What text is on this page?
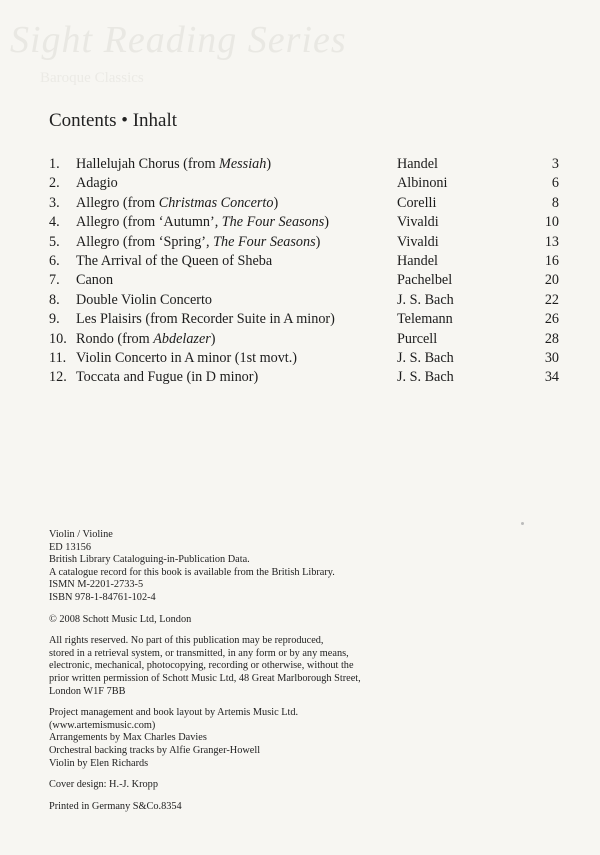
Sight Reading Series
Baroque Classics
Contents • Inhalt
1.	Hallelujah Chorus (from Messiah)	Handel	3
2.	Adagio	Albinoni	6
3.	Allegro (from Christmas Concerto)	Corelli	8
4.	Allegro (from ‘Autumn’, The Four Seasons)	Vivaldi	10
5.	Allegro (from ‘Spring’, The Four Seasons)	Vivaldi	13
6.	The Arrival of the Queen of Sheba	Handel	16
7.	Canon	Pachelbel	20
8.	Double Violin Concerto	J. S. Bach	22
9.	Les Plaisirs (from Recorder Suite in A minor)	Telemann	26
10. Rondo (from Abdelazer)	Purcell	28
11. Violin Concerto in A minor (1st movt.)	J. S. Bach	30
12. Toccata and Fugue (in D minor)	J. S. Bach	34

Violin / Violine
ED 13156
British Library Cataloguing-in-Publication Data.
A catalogue record for this book is available from the British Library.
ISMN M-2201-2733-5
ISBN 978-1-84761-102-4

© 2008 Schott Music Ltd, London

All rights reserved. No part of this publication may be reproduced,
stored in a retrieval system, or transmitted, in any form or by any means,
electronic, mechanical, photocopying, recording or otherwise, without the
prior written permission of Schott Music Ltd, 48 Great Marlborough Street,
London W1F 7BB

Project management and book layout by Artemis Music Ltd.
(www.artemismusic.com)
Arrangements by Max Charles Davies
Orchestral backing tracks by Alfie Granger-Howell
Violin by Elen Richards

Cover design: H.-J. Kropp

Printed in Germany S&Co.8354
